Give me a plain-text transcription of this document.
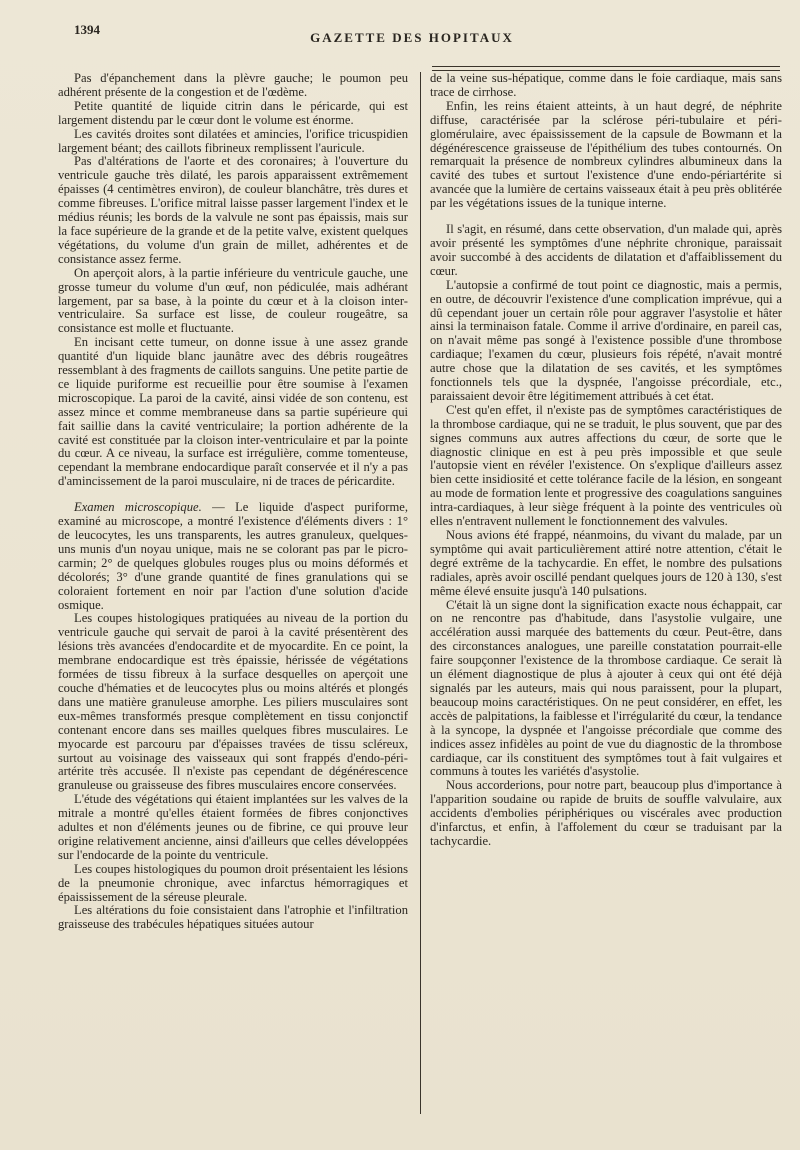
1394
GAZETTE DES HOPITAUX

Pas d'épanchement dans la plèvre gauche; le poumon peu adhérent présente de la congestion et de l'œdème.

Petite quantité de liquide citrin dans le péricarde, qui est largement distendu par le cœur dont le volume est énorme.

Les cavités droites sont dilatées et amincies, l'orifice tricuspidien largement béant; des caillots fibrineux remplissent l'auricule.

Pas d'altérations de l'aorte et des coronaires; à l'ouverture du ventricule gauche très dilaté, les parois apparaissent extrêmement épaisses (4 centimètres environ), de couleur blanchâtre, très dures et comme fibreuses. L'orifice mitral laisse passer largement l'index et le médius réunis; les bords de la valvule ne sont pas épaissis, mais sur la face supérieure de la grande et de la petite valve, existent quelques végétations, du volume d'un grain de millet, adhérentes et de consistance assez ferme.

On aperçoit alors, à la partie inférieure du ventricule gauche, une grosse tumeur du volume d'un œuf, non pédiculée, mais adhérant largement, par sa base, à la pointe du cœur et à la cloison inter-ventriculaire. Sa surface est lisse, de couleur rougeâtre, sa consistance est molle et fluctuante.

En incisant cette tumeur, on donne issue à une assez grande quantité d'un liquide blanc jaunâtre avec des débris rougeâtres ressemblant à des fragments de caillots sanguins. Une petite partie de ce liquide puriforme est recueillie pour être soumise à l'examen microscopique. La paroi de la cavité, ainsi vidée de son contenu, est assez mince et comme membraneuse dans sa partie supérieure qui fait saillie dans la cavité ventriculaire; la portion adhérente de la cavité est constituée par la cloison inter-ventriculaire et par la pointe du cœur. A ce niveau, la surface est irrégulière, comme tomenteuse, cependant la membrane endocardique paraît conservée et il n'y a pas d'amincissement de la paroi musculaire, ni de traces de péricardite.

Examen microscopique. — Le liquide d'aspect puriforme, examiné au microscope, a montré l'existence d'éléments divers : 1° de leucocytes, les uns transparents, les autres granuleux, quelques-uns munis d'un noyau unique, mais ne se colorant pas par le picro-carmin; 2° de quelques globules rouges plus ou moins déformés et décolorés; 3° d'une grande quantité de fines granulations qui se coloraient fortement en noir par l'action d'une solution d'acide osmique.

Les coupes histologiques pratiquées au niveau de la portion du ventricule gauche qui servait de paroi à la cavité présentèrent des lésions très avancées d'endocardite et de myocardite. En ce point, la membrane endocardique est très épaissie, hérissée de végétations formées de tissu fibreux à la surface desquelles on aperçoit une couche d'hématies et de leucocytes plus ou moins altérés et plongés dans une matière granuleuse amorphe. Les piliers musculaires sont eux-mêmes transformés presque complètement en tissu conjonctif contenant encore dans ses mailles quelques fibres musculaires. Le myocarde est parcouru par d'épaisses travées de tissu scléreux, surtout au voisinage des vaisseaux qui sont frappés d'endo-péri-artérite très accusée. Il n'existe pas cependant de dégénérescence granuleuse ou graisseuse des fibres musculaires encore conservées.

L'étude des végétations qui étaient implantées sur les valves de la mitrale a montré qu'elles étaient formées de fibres conjonctives adultes et non d'éléments jeunes ou de fibrine, ce qui prouve leur origine relativement ancienne, ainsi d'ailleurs que celles développées sur l'endocarde de la pointe du ventricule.

Les coupes histologiques du poumon droit présentaient les lésions de la pneumonie chronique, avec infarctus hémorragiques et épaississement de la séreuse pleurale.

Les altérations du foie consistaient dans l'atrophie et l'infiltration graisseuse des trabécules hépatiques situées autour

de la veine sus-hépatique, comme dans le foie cardiaque, mais sans trace de cirrhose.

Enfin, les reins étaient atteints, à un haut degré, de néphrite diffuse, caractérisée par la sclérose péri-tubulaire et péri-glomérulaire, avec épaississement de la capsule de Bowmann et la dégénérescence graisseuse de l'épithélium des tubes contournés. On remarquait la présence de nombreux cylindres albumineux dans la cavité des tubes et surtout l'existence d'une endo-périartérite si avancée que la lumière de certains vaisseaux était à peu près oblitérée par les végétations issues de la tunique interne.

Il s'agit, en résumé, dans cette observation, d'un malade qui, après avoir présenté les symptômes d'une néphrite chronique, paraissait avoir succombé à des accidents de dilatation et d'affaiblissement du cœur.

L'autopsie a confirmé de tout point ce diagnostic, mais a permis, en outre, de découvrir l'existence d'une complication imprévue, qui a dû cependant jouer un certain rôle pour aggraver l'asystolie et hâter ainsi la terminaison fatale. Comme il arrive d'ordinaire, en pareil cas, on n'avait même pas songé à l'existence possible d'une thrombose cardiaque; l'examen du cœur, plusieurs fois répété, n'avait montré autre chose que la dilatation de ses cavités, et les symptômes fonctionnels tels que la dyspnée, l'angoisse précordiale, etc., paraissaient devoir être légitimement attribués à cet état.

C'est qu'en effet, il n'existe pas de symptômes caractéristiques de la thrombose cardiaque, qui ne se traduit, le plus souvent, que par des signes communs aux autres affections du cœur, de sorte que le diagnostic clinique en est à peu près impossible et que seule l'autopsie vient en révéler l'existence. On s'explique d'ailleurs assez bien cette insidiosité et cette tolérance facile de la lésion, en songeant au mode de formation lente et progressive des coagulations sanguines intra-cardiaques, à leur siège fréquent à la pointe des ventricules où elles n'entravent nullement le fonctionnement des valvules.

Nous avions été frappé, néanmoins, du vivant du malade, par un symptôme qui avait particulièrement attiré notre attention, c'était le degré extrême de la tachycardie. En effet, le nombre des pulsations radiales, après avoir oscillé pendant quelques jours de 120 à 130, s'est même élevé ensuite jusqu'à 140 pulsations.

C'était là un signe dont la signification exacte nous échappait, car on ne rencontre pas d'habitude, dans l'asystolie vulgaire, une accélération aussi marquée des battements du cœur. Peut-être, dans des circonstances analogues, une pareille constatation pourrait-elle faire soupçonner l'existence de la thrombose cardiaque. Ce serait là un élément diagnostique de plus à ajouter à ceux qui ont été déjà signalés par les auteurs, mais qui nous paraissent, pour la plupart, beaucoup moins caractéristiques. On ne peut considérer, en effet, les accès de palpitations, la faiblesse et l'irrégularité du cœur, la tendance à la syncope, la dyspnée et l'angoisse précordiale que comme des indices assez infidèles au point de vue du diagnostic de la thrombose cardiaque, car ils constituent des symptômes tout à fait vulgaires et communs à toutes les variétés d'asystolie.

Nous accorderions, pour notre part, beaucoup plus d'importance à l'apparition soudaine ou rapide de bruits de souffle valvulaire, aux accidents d'embolies périphériques ou viscérales avec production d'infarctus, et enfin, à l'affolement du cœur se traduisant par la tachycardie.
